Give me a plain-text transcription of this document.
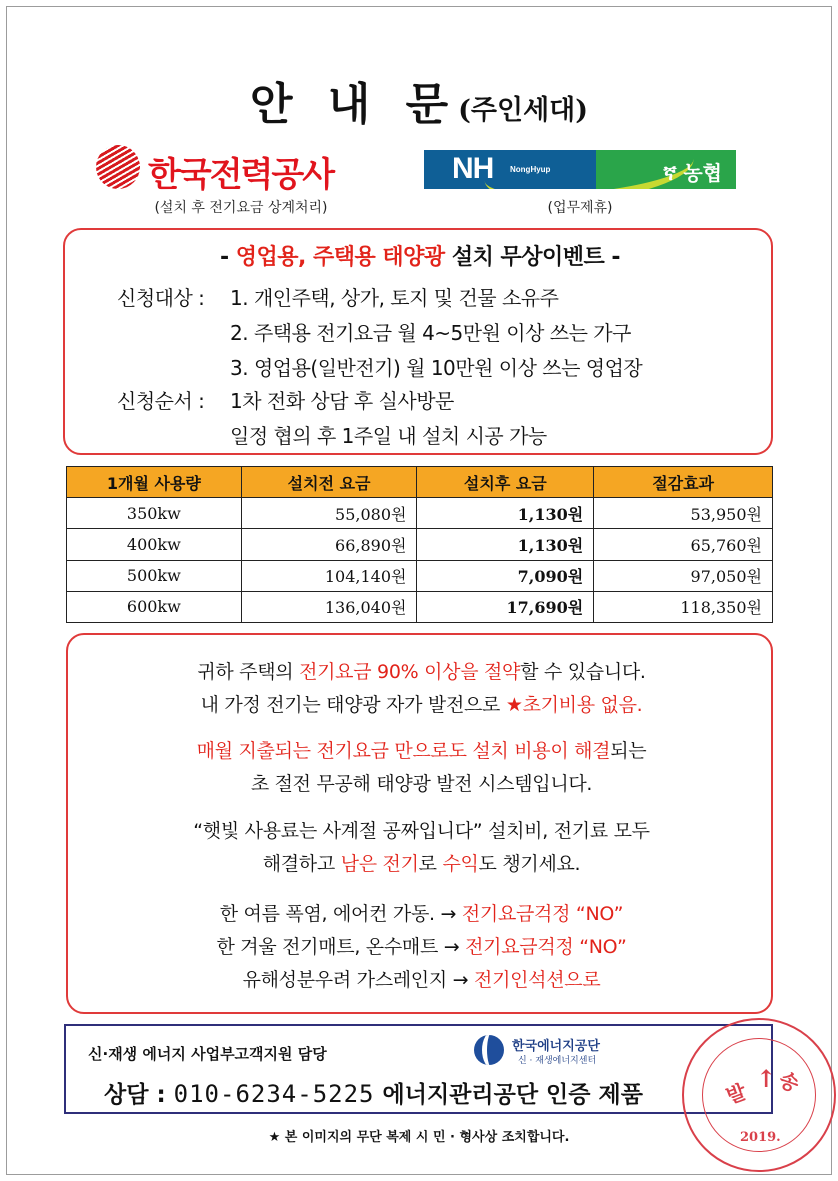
안 내 문(주인세대)
한국전력공사
(설치 후 전기요금 상계처리)
NH NongHyup	ኛ 농협
(업무제휴)
- 영업용, 주택용 태양광 설치 무상이벤트 -
신청대상 : 1. 개인주택, 상가, 토지 및 건물 소유주
2. 주택용 전기요금 월 4~5만원 이상 쓰는 가구
3. 영업용(일반전기) 월 10만원 이상 쓰는 영업장
신청순서 : 1차 전화 상담 후 실사방문
일정 협의 후 1주일 내 설치 시공 가능
1개월 사용량	설치전 요금	설치후 요금	절감효과
350kw	55,080원	1,130원	53,950원
400kw	66,890원	1,130원	65,760원
500kw	104,140원	7,090원	97,050원
600kw	136,040원	17,690원	118,350원
귀하 주택의 전기요금 90% 이상을 절약할 수 있습니다.
내 가정 전기는 태양광 자가 발전으로 ★초기비용 없음.
매월 지출되는 전기요금 만으로도 설치 비용이 해결되는
초 절전 무공해 태양광 발전 시스템입니다.
“햇빛 사용료는 사계절 공짜입니다” 설치비, 전기료 모두
해결하고 남은 전기로 수익도 챙기세요.
한 여름 폭염, 에어컨 가동. → 전기요금걱정 “NO”
한 겨울 전기매트, 온수매트 → 전기요금걱정 “NO”
유해성분우려 가스레인지 → 전기인석션으로
신·재생 에너지 사업부고객지원 담당	한국에너지공단
신 · 재생에너지센터
상담 : 010-6234-5225 에너지관리공단 인증 제품	발
↑ 송
2019.
★ 본 이미지의 무단 복제 시 민 · 형사상 조치합니다.
